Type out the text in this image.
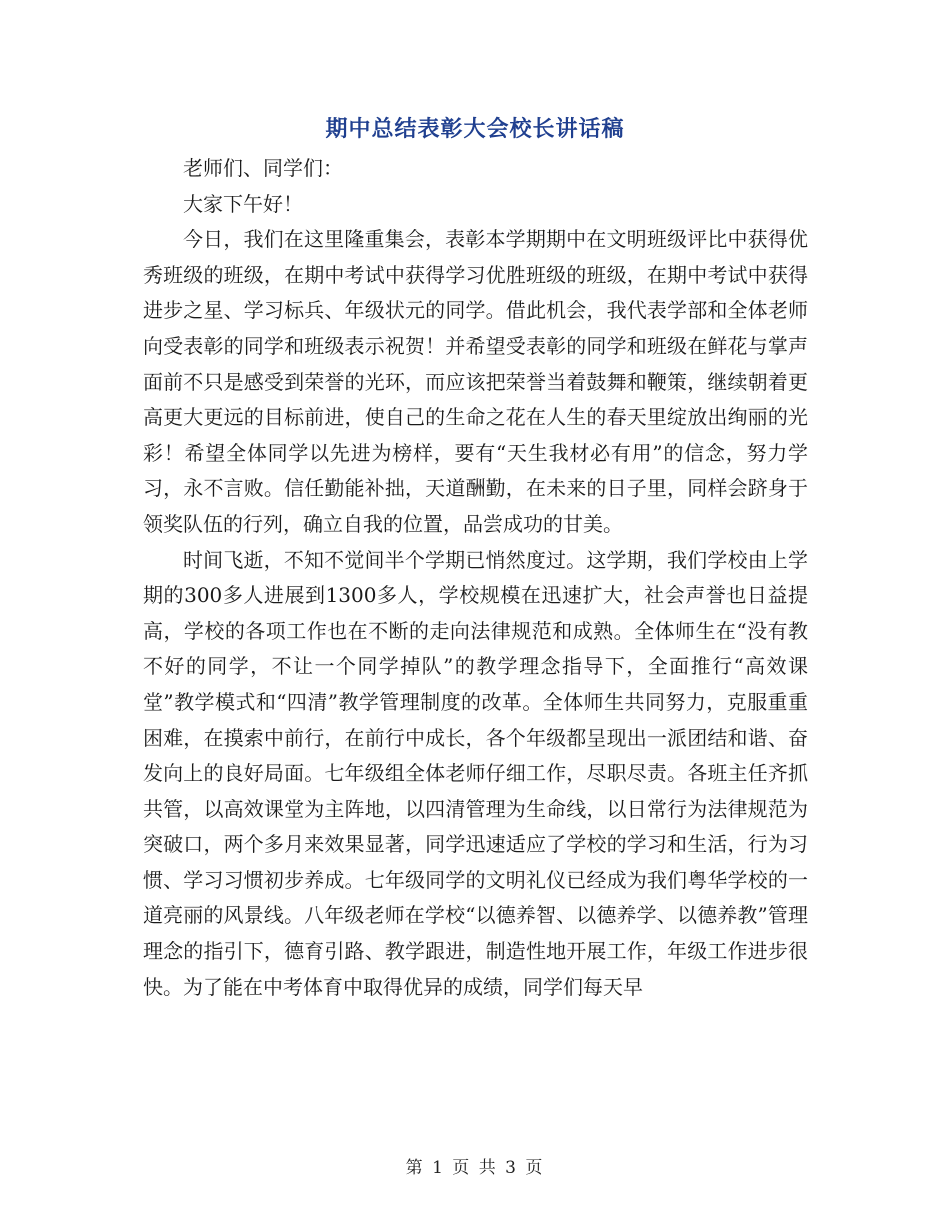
期中总结表彰大会校长讲话稿

老师们、同学们：

大家下午好！

今日，我们在这里隆重集会，表彰本学期期中在文明班级评比中获得优秀班级的班级，在期中考试中获得学习优胜班级的班级，在期中考试中获得进步之星、学习标兵、年级状元的同学。借此机会，我代表学部和全体老师向受表彰的同学和班级表示祝贺！并希望受表彰的同学和班级在鲜花与掌声面前不只是感受到荣誉的光环，而应该把荣誉当着鼓舞和鞭策，继续朝着更高更大更远的目标前进，使自己的生命之花在人生的春天里绽放出绚丽的光彩！希望全体同学以先进为榜样，要有“天生我材必有用”的信念，努力学习，永不言败。信任勤能补拙，天道酬勤，在未来的日子里，同样会跻身于领奖队伍的行列，确立自我的位置，品尝成功的甘美。

时间飞逝，不知不觉间半个学期已悄然度过。这学期，我们学校由上学期的300多人进展到1300多人，学校规模在迅速扩大，社会声誉也日益提高，学校的各项工作也在不断的走向法律规范和成熟。全体师生在“没有教不好的同学，不让一个同学掉队”的教学理念指导下，全面推行“高效课堂”教学模式和“四清”教学管理制度的改革。全体师生共同努力，克服重重困难，在摸索中前行，在前行中成长，各个年级都呈现出一派团结和谐、奋发向上的良好局面。七年级组全体老师仔细工作，尽职尽责。各班主任齐抓共管，以高效课堂为主阵地，以四清管理为生命线，以日常行为法律规范为突破口，两个多月来效果显著，同学迅速适应了学校的学习和生活，行为习惯、学习习惯初步养成。七年级同学的文明礼仪已经成为我们粤华学校的一道亮丽的风景线。八年级老师在学校“以德养智、以德养学、以德养教”管理理念的指引下，德育引路、教学跟进，制造性地开展工作，年级工作进步很快。为了能在中考体育中取得优异的成绩，同学们每天早

第 1 页 共 3 页
